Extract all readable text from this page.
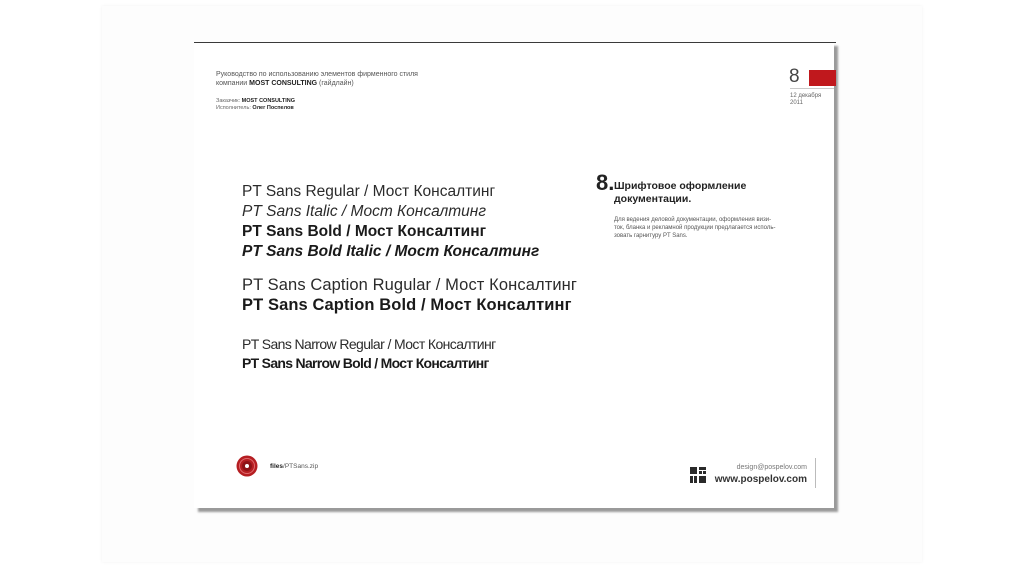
Руководство по использованию элементов фирменного стиля
компании MOST CONSULTING (гайдлайн)
Заказчик: MOST CONSULTING
Исполнитель: Олег Поспелов
8
12 декабря
2011
PT Sans Regular / Мост Консалтинг
PT Sans Italic / Мост Консалтинг
PT Sans Bold / Мост Консалтинг
PT Sans Bold Italic / Мост Консалтинг
PT Sans Caption Rugular / Мост Консалтинг
PT Sans Caption Bold / Мост Консалтинг
PT Sans Narrow Regular / Мост Консалтинг
PT Sans Narrow Bold / Мост Консалтинг
8. Шрифтовое оформление
документации.
Для ведения деловой документации, оформления визи-
ток, бланка и рекламной продукции предлагается исполь-
зовать гарнитуру PT Sans.
files/PTSans.zip	design@pospelov.com
www.pospelov.com
